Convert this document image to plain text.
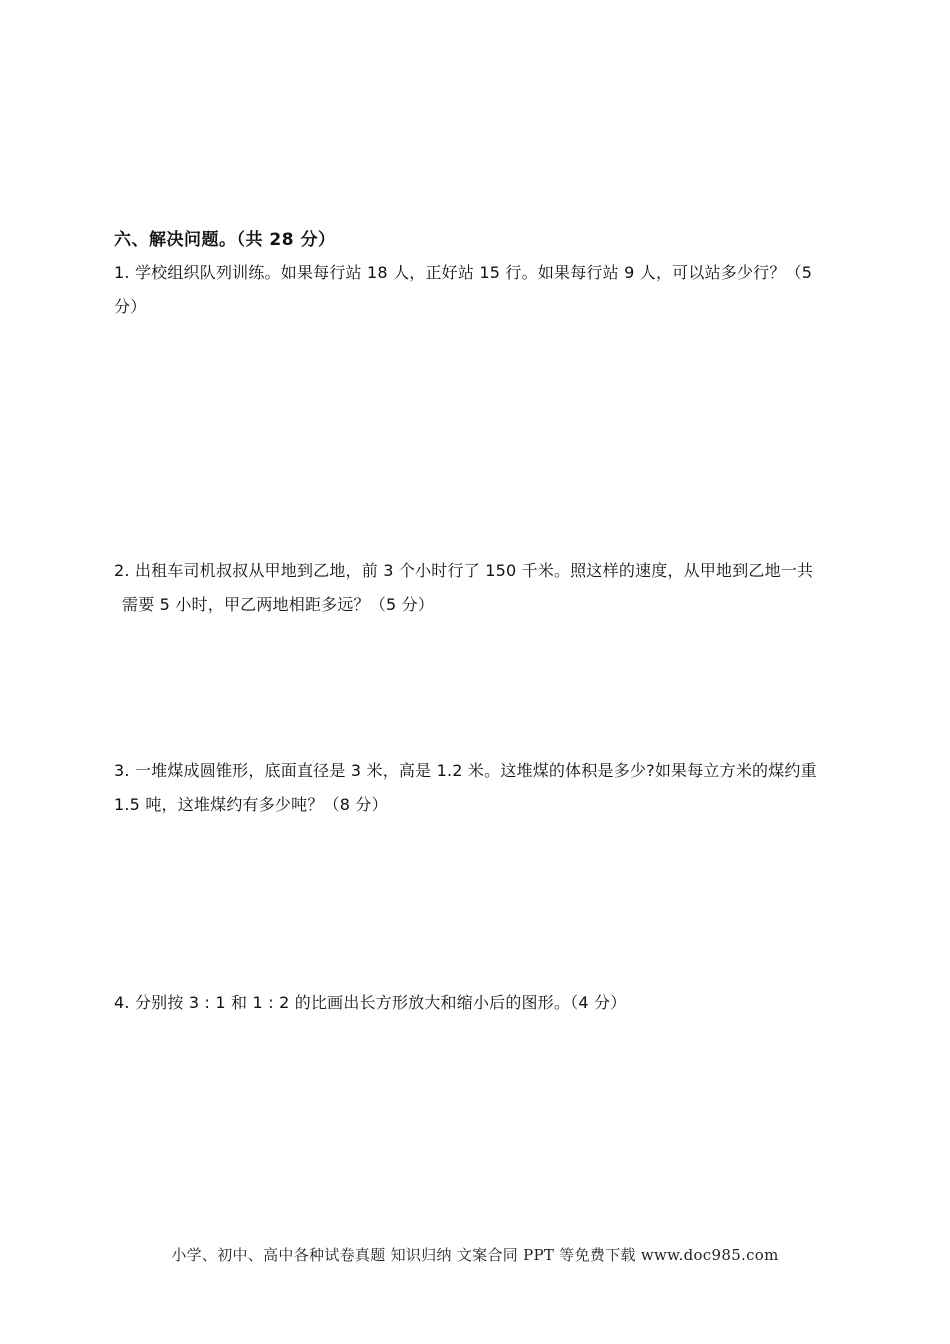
六、解决问题。（共 28 分）
1. 学校组织队列训练。如果每行站 18 人，正好站 15 行。如果每行站 9 人，可以站多少行？（5
分）
2. 出租车司机叔叔从甲地到乙地，前 3 个小时行了 150 千米。照这样的速度，从甲地到乙地一共
需要 5 小时，甲乙两地相距多远？（5 分）
3. 一堆煤成圆锥形，底面直径是 3 米，高是 1.2 米。这堆煤的体积是多少?如果每立方米的煤约重
1.5 吨，这堆煤约有多少吨？（8 分）
4. 分别按 3 : 1 和 1 : 2 的比画出长方形放大和缩小后的图形。（4 分）
小学、初中、高中各种试卷真题 知识归纳 文案合同 PPT 等免费下载 www.doc985.com
